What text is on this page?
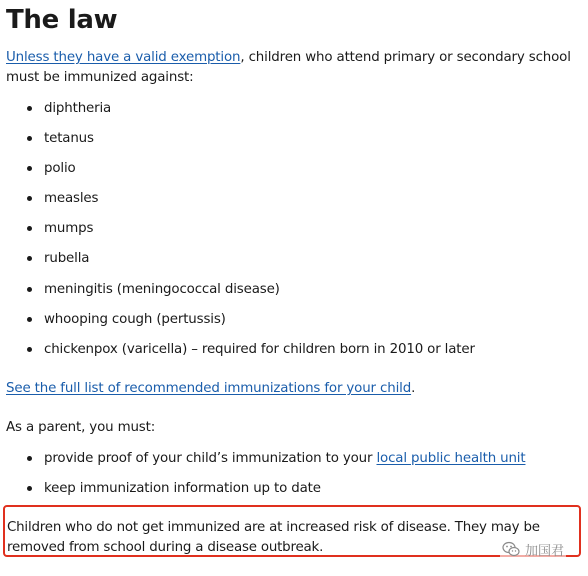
The law

Unless they have a valid exemption, children who attend primary or secondary school must be immunized against:

diphtheria
tetanus
polio
measles
mumps
rubella
meningitis (meningococcal disease)
whooping cough (pertussis)
chickenpox (varicella) – required for children born in 2010 or later

See the full list of recommended immunizations for your child.

As a parent, you must:

provide proof of your child’s immunization to your local public health unit
keep immunization information up to date
Children who do not get immunized are at increased risk of disease. They may be removed from school during a disease outbreak.	加国君
